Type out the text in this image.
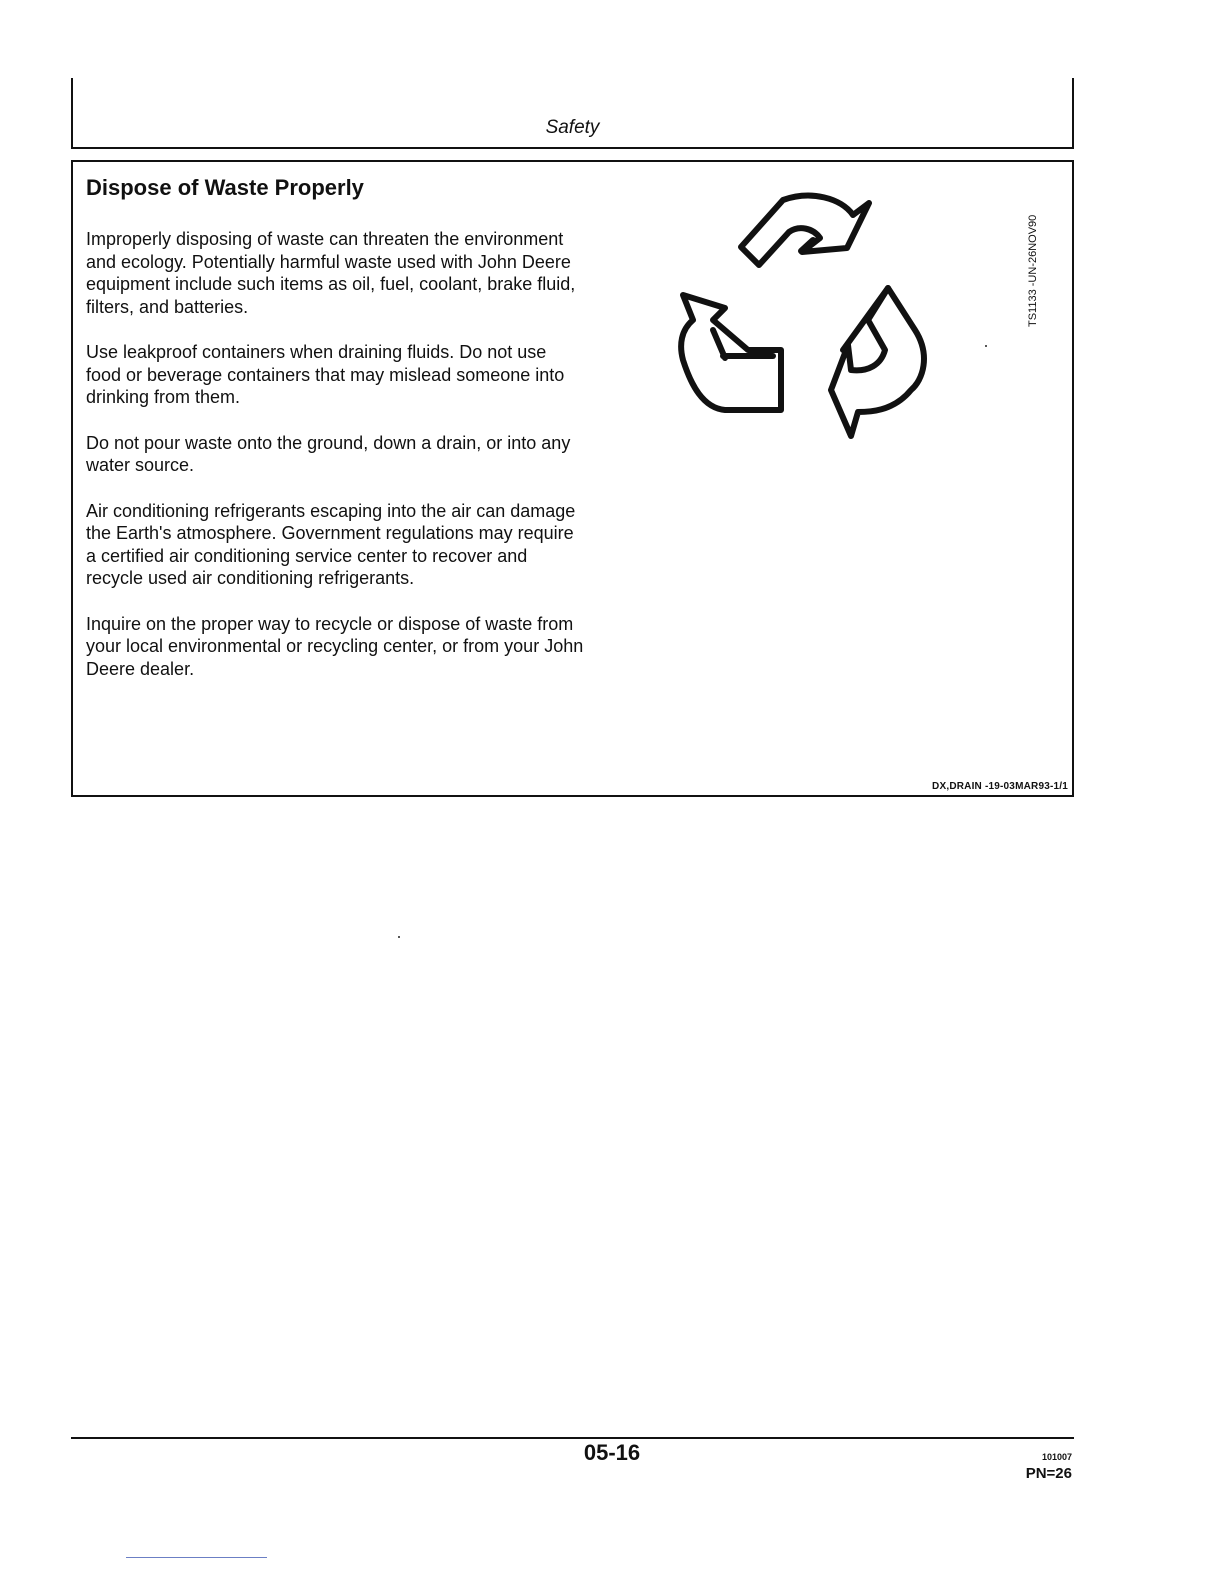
Safety
Dispose of Waste Properly

Improperly disposing of waste can threaten the environment and ecology. Potentially harmful waste used with John Deere equipment include such items as oil, fuel, coolant, brake fluid, filters, and batteries.

Use leakproof containers when draining fluids. Do not use food or beverage containers that may mislead someone into drinking from them.

Do not pour waste onto the ground, down a drain, or into any water source.

Air conditioning refrigerants escaping into the air can damage the Earth's atmosphere. Government regulations may require a certified air conditioning service center to recover and recycle used air conditioning refrigerants.

Inquire on the proper way to recycle or dispose of waste from your local environmental or recycling center, or from your John Deere dealer.

TS1133 -UN-26NOV90
DX,DRAIN -19-03MAR93-1/1
05-16	101007
PN=26
